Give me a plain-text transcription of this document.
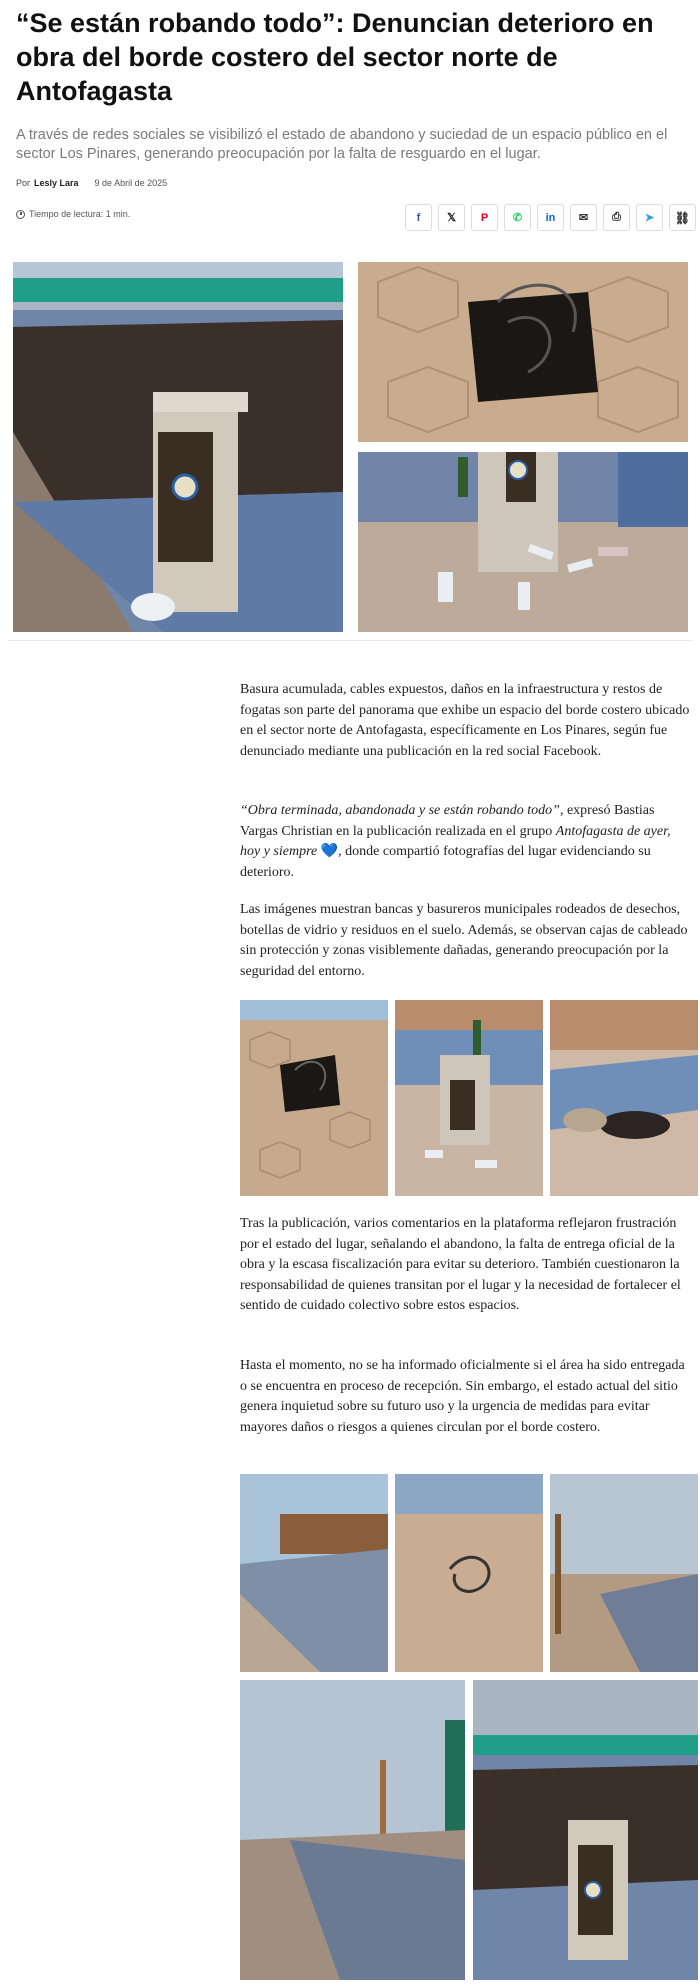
“Se están robando todo”: Denuncian deterioro en obra del borde costero del sector norte de Antofagasta

A través de redes sociales se visibilizó el estado de abandono y suciedad de un espacio público en el sector Los Pinares, generando preocupación por la falta de resguardo en el lugar.

Por Lesly Lara 9 de Abril de 2025
Tiempo de lectura: 1 min.	f 𝕏 P ✆ in ✉ ⎙ ➤ ⛓

Basura acumulada, cables expuestos, daños en la infraestructura y restos de fogatas son parte del panorama que exhibe un espacio del borde costero ubicado en el sector norte de Antofagasta, específicamente en Los Pinares, según fue denunciado mediante una publicación en la red social Facebook.

“Obra terminada, abandonada y se están robando todo”, expresó Bastias Vargas Christian en la publicación realizada en el grupo Antofagasta de ayer, hoy y siempre 💙, donde compartió fotografías del lugar evidenciando su deterioro.

Las imágenes muestran bancas y basureros municipales rodeados de desechos, botellas de vidrio y residuos en el suelo. Además, se observan cajas de cableado sin protección y zonas visiblemente dañadas, generando preocupación por la seguridad del entorno.

Tras la publicación, varios comentarios en la plataforma reflejaron frustración por el estado del lugar, señalando el abandono, la falta de entrega oficial de la obra y la escasa fiscalización para evitar su deterioro. También cuestionaron la responsabilidad de quienes transitan por el lugar y la necesidad de fortalecer el sentido de cuidado colectivo sobre estos espacios.

Hasta el momento, no se ha informado oficialmente si el área ha sido entregada o se encuentra en proceso de recepción. Sin embargo, el estado actual del sitio genera inquietud sobre su futuro uso y la urgencia de medidas para evitar mayores daños o riesgos a quienes circulan por el borde costero.
